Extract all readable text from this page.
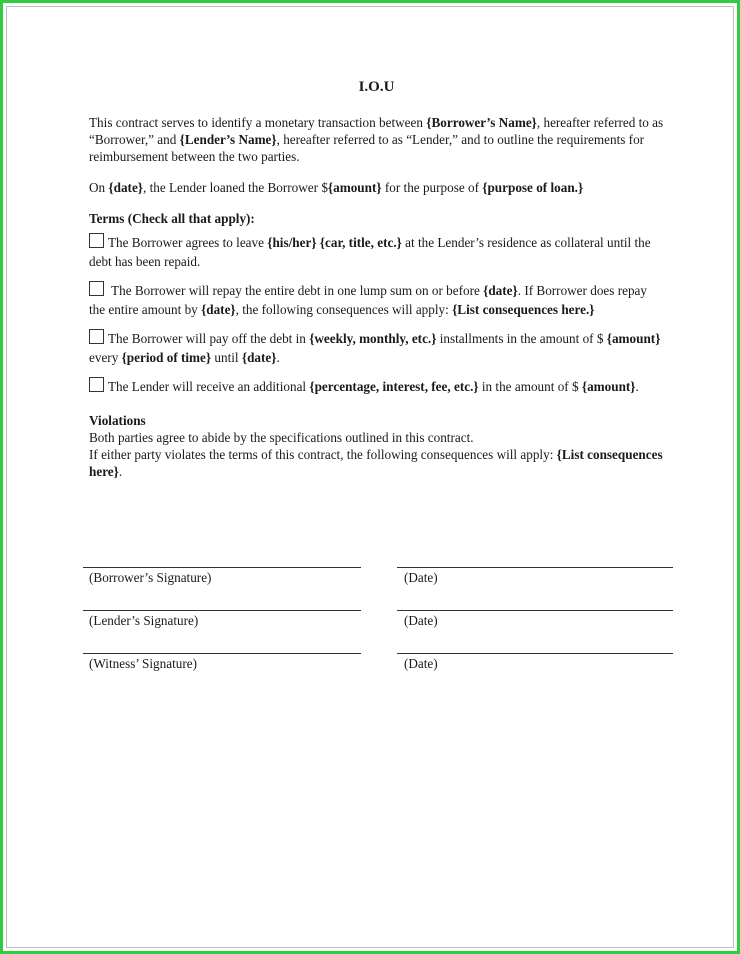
I.O.U

This contract serves to identify a monetary transaction between {Borrower’s Name}, hereafter referred to as “Borrower,” and {Lender’s Name}, hereafter referred to as “Lender,” and to outline the requirements for reimbursement between the two parties.

On {date}, the Lender loaned the Borrower ${amount} for the purpose of {purpose of loan.}

Terms (Check all that apply):

The Borrower agrees to leave {his/her} {car, title, etc.} at the Lender’s residence as collateral until the debt has been repaid.

The Borrower will repay the entire debt in one lump sum on or before {date}. If Borrower does repay the entire amount by {date}, the following consequences will apply: {List consequences here.}

The Borrower will pay off the debt in {weekly, monthly, etc.} installments in the amount of $ {amount} every {period of time} until {date}.

The Lender will receive an additional {percentage, interest, fee, etc.} in the amount of $ {amount}.

Violations

Both parties agree to abide by the specifications outlined in this contract.

If either party violates the terms of this contract, the following consequences will apply: {List consequences here}.

(Borrower’s Signature)	(Date)
(Lender’s Signature)	(Date)
(Witness’ Signature)	(Date)
